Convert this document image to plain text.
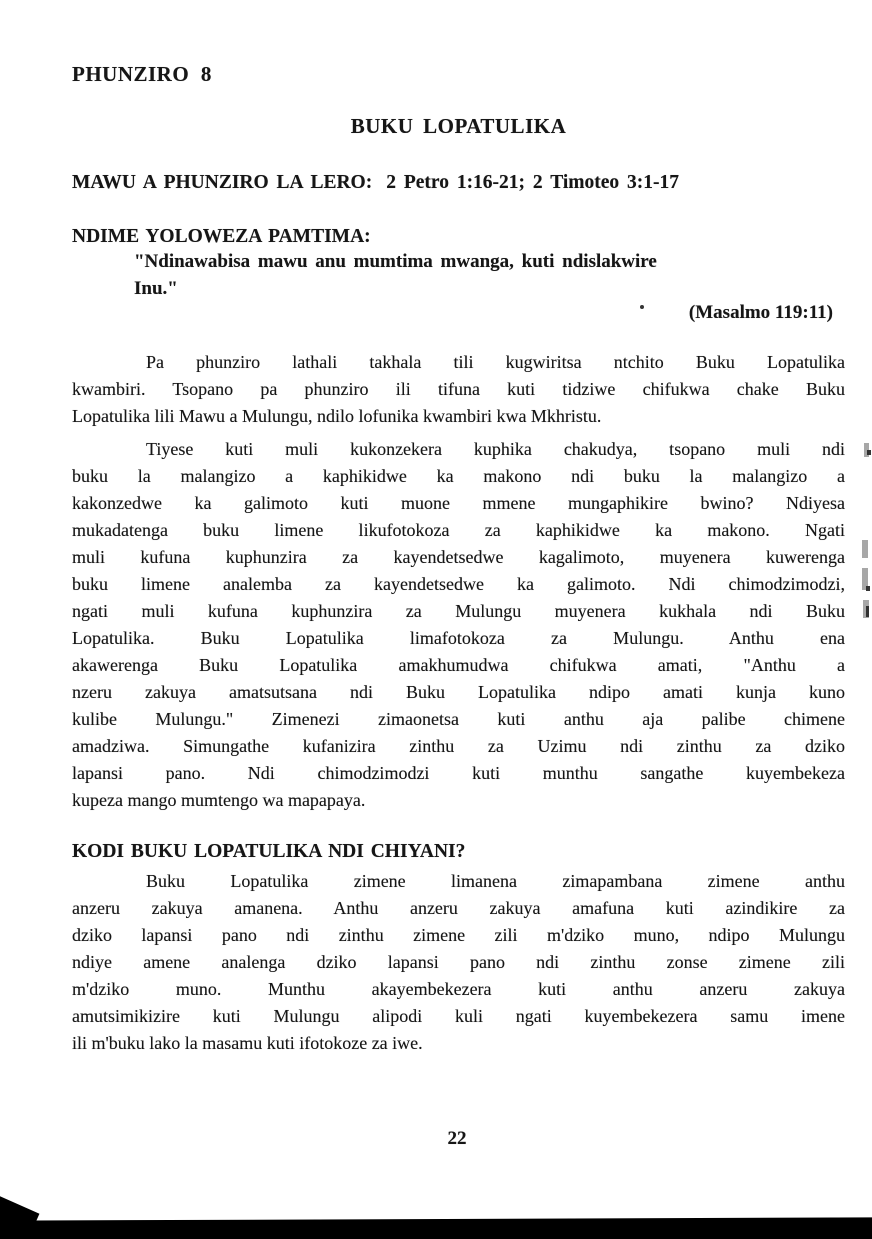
PHUNZIRO 8
BUKU LOPATULIKA
MAWU A PHUNZIRO LA LERO: 2 Petro 1:16-21; 2 Timoteo 3:1-17
NDIME YOLOWEZA PAMTIMA:
"Ndinawabisa mawu anu mumtima mwanga, kuti ndislakwire
Inu."
(Masalmo 119:11)
Pa phunziro lathali takhala tili kugwiritsa ntchito Buku Lopatulika
kwambiri. Tsopano pa phunziro ili tifuna kuti tidziwe chifukwa chake Buku
Lopatulika lili Mawu a Mulungu, ndilo lofunika kwambiri kwa Mkhristu.
Tiyese kuti muli kukonzekera kuphika chakudya, tsopano muli ndi
buku la malangizo a kaphikidwe ka makono ndi buku la malangizo a
kakonzedwe ka galimoto kuti muone mmene mungaphikire bwino? Ndiyesa
mukadatenga buku limene likufotokoza za kaphikidwe ka makono. Ngati
muli kufuna kuphunzira za kayendetsedwe kagalimoto, muyenera kuwerenga
buku limene analemba za kayendetsedwe ka galimoto. Ndi chimodzimodzi,
ngati muli kufuna kuphunzira za Mulungu muyenera kukhala ndi Buku
Lopatulika. Buku Lopatulika limafotokoza za Mulungu. Anthu ena
akawerenga Buku Lopatulika amakhumudwa chifukwa amati, "Anthu a
nzeru zakuya amatsutsana ndi Buku Lopatulika ndipo amati kunja kuno
kulibe Mulungu." Zimenezi zimaonetsa kuti anthu aja palibe chimene
amadziwa. Simungathe kufanizira zinthu za Uzimu ndi zinthu za dziko
lapansi pano. Ndi chimodzimodzi kuti munthu sangathe kuyembekeza
kupeza mango mumtengo wa mapapaya.
KODI BUKU LOPATULIKA NDI CHIYANI?
Buku Lopatulika zimene limanena zimapambana zimene anthu
anzeru zakuya amanena. Anthu anzeru zakuya amafuna kuti azindikire za
dziko lapansi pano ndi zinthu zimene zili m'dziko muno, ndipo Mulungu
ndiye amene analenga dziko lapansi pano ndi zinthu zonse zimene zili
m'dziko muno. Munthu akayembekezera kuti anthu anzeru zakuya
amutsimikizire kuti Mulungu alipodi kuli ngati kuyembekezera samu imene
ili m'buku lako la masamu kuti ifotokoze za iwe.
22
